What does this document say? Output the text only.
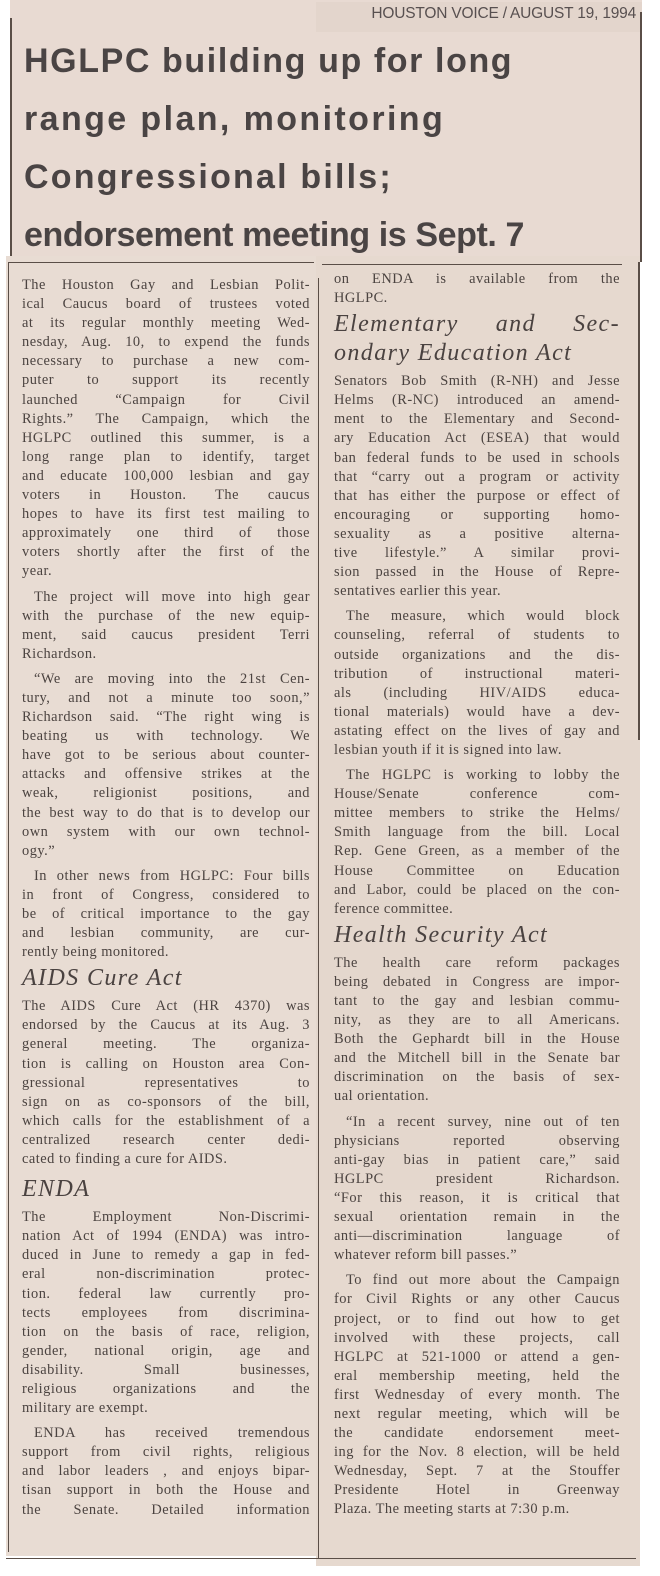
HOUSTON VOICE / AUGUST 19, 1994
HGLPC building up for long
range plan, monitoring
Congressional bills;
endorsement meeting is Sept. 7
The Houston Gay and Lesbian Polit-
ical Caucus board of trustees voted
at its regular monthly meeting Wed-
nesday, Aug. 10, to expend the funds
necessary to purchase a new com-
puter to support its recently
launched “Campaign for Civil
Rights.” The Campaign, which the
HGLPC outlined this summer, is a
long range plan to identify, target
and educate 100,000 lesbian and gay
voters in Houston. The caucus
hopes to have its first test mailing to
approximately one third of those
voters shortly after the first of the
year.
The project will move into high gear
with the purchase of the new equip-
ment, said caucus president Terri
Richardson.
“We are moving into the 21st Cen-
tury, and not a minute too soon,”
Richardson said. “The right wing is
beating us with technology. We
have got to be serious about counter-
attacks and offensive strikes at the
weak, religionist positions, and
the best way to do that is to develop our
own system with our own technol-
ogy.”
In other news from HGLPC: Four bills
in front of Congress, considered to
be of critical importance to the gay
and lesbian community, are cur-
rently being monitored.
AIDS Cure Act
The AIDS Cure Act (HR 4370) was
endorsed by the Caucus at its Aug. 3
general meeting. The organiza-
tion is calling on Houston area Con-
gressional representatives to
sign on as co-sponsors of the bill,
which calls for the establishment of a
centralized research center dedi-
cated to finding a cure for AIDS.
ENDA
The Employment Non-Discrimi-
nation Act of 1994 (ENDA) was intro-
duced in June to remedy a gap in fed-
eral non-discrimination protec-
tion. federal law currently pro-
tects employees from discrimina-
tion on the basis of race, religion,
gender, national origin, age and
disability. Small businesses,
religious organizations and the
military are exempt.
ENDA has received tremendous
support from civil rights, religious
and labor leaders , and enjoys bipar-
tisan support in both the House and
the Senate. Detailed information
on ENDA is available from the
HGLPC.
Elementary and Sec-
ondary Education Act
Senators Bob Smith (R-NH) and Jesse
Helms (R-NC) introduced an amend-
ment to the Elementary and Second-
ary Education Act (ESEA) that would
ban federal funds to be used in schools
that “carry out a program or activity
that has either the purpose or effect of
encouraging or supporting homo-
sexuality as a positive alterna-
tive lifestyle.” A similar provi-
sion passed in the House of Repre-
sentatives earlier this year.
The measure, which would block
counseling, referral of students to
outside organizations and the dis-
tribution of instructional materi-
als (including HIV/AIDS educa-
tional materials) would have a dev-
astating effect on the lives of gay and
lesbian youth if it is signed into law.
The HGLPC is working to lobby the
House/Senate conference com-
mittee members to strike the Helms/
Smith language from the bill. Local
Rep. Gene Green, as a member of the
House Committee on Education
and Labor, could be placed on the con-
ference committee.
Health Security Act
The health care reform packages
being debated in Congress are impor-
tant to the gay and lesbian commu-
nity, as they are to all Americans.
Both the Gephardt bill in the House
and the Mitchell bill in the Senate bar
discrimination on the basis of sex-
ual orientation.
“In a recent survey, nine out of ten
physicians reported observing
anti-gay bias in patient care,” said
HGLPC president Richardson.
“For this reason, it is critical that
sexual orientation remain in the
anti—discrimination language of
whatever reform bill passes.”
To find out more about the Campaign
for Civil Rights or any other Caucus
project, or to find out how to get
involved with these projects, call
HGLPC at 521-1000 or attend a gen-
eral membership meeting, held the
first Wednesday of every month. The
next regular meeting, which will be
the candidate endorsement meet-
ing for the Nov. 8 election, will be held
Wednesday, Sept. 7 at the Stouffer
Presidente Hotel in Greenway
Plaza. The meeting starts at 7:30 p.m.
